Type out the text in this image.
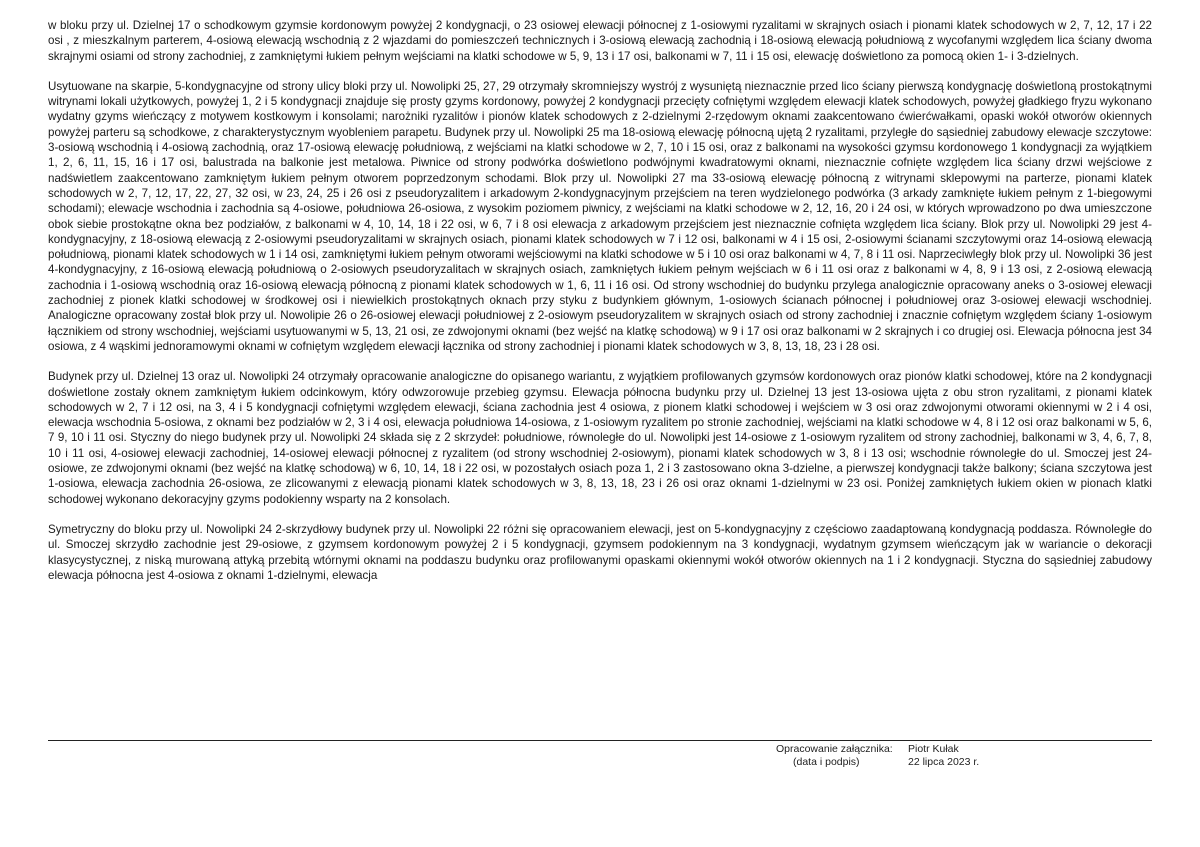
w bloku przy ul. Dzielnej 17 o schodkowym gzymsie kordonowym powyżej 2 kondygnacji, o 23 osiowej elewacji północnej z 1-osiowymi ryzalitami w skrajnych osiach i pionami klatek schodowych w 2, 7, 12, 17 i 22 osi , z mieszkalnym parterem, 4-osiową elewacją wschodnią z 2 wjazdami do pomieszczeń technicznych i 3-osiową elewacją zachodnią i 18-osiową elewacją południową z wycofanymi względem lica ściany dwoma skrajnymi osiami od strony zachodniej, z zamkniętymi łukiem pełnym wejściami na klatki schodowe w 5, 9, 13 i 17 osi, balkonami w 7, 11 i 15 osi, elewację doświetlono za pomocą okien 1- i 3-dzielnych.

Usytuowane na skarpie, 5-kondygnacyjne od strony ulicy bloki przy ul. Nowolipki 25, 27, 29 otrzymały skromniejszy wystrój z wysuniętą nieznacznie przed lico ściany pierwszą kondygnację doświetloną prostokątnymi witrynami lokali użytkowych, powyżej 1, 2 i 5 kondygnacji znajduje się prosty gzyms kordonowy, powyżej 2 kondygnacji przecięty cofniętymi względem elewacji klatek schodowych, powyżej gładkiego fryzu wykonano wydatny gzyms wieńczący z motywem kostkowym i konsolami; narożniki ryzalitów i pionów klatek schodowych z 2-dzielnymi 2-rzędowym oknami zaakcentowano ćwierćwałkami, opaski wokół otworów okiennych powyżej parteru są schodkowe, z charakterystycznym wyobleniem parapetu. Budynek przy ul. Nowolipki 25 ma 18-osiową elewację północną ujętą 2 ryzalitami, przyległe do sąsiedniej zabudowy elewacje szczytowe: 3-osiową wschodnią i 4-osiową zachodnią, oraz 17-osiową elewację południową, z wejściami na klatki schodowe w 2, 7, 10 i 15 osi, oraz z balkonami na wysokości gzymsu kordonowego 1 kondygnacji za wyjątkiem 1, 2, 6, 11, 15, 16 i 17 osi, balustrada na balkonie jest metalowa. Piwnice od strony podwórka doświetlono podwójnymi kwadratowymi oknami, nieznacznie cofnięte względem lica ściany drzwi wejściowe z nadświetlem zaakcentowano zamkniętym łukiem pełnym otworem poprzedzonym schodami. Blok przy ul. Nowolipki 27 ma 33-osiową elewację północną z witrynami sklepowymi na parterze, pionami klatek schodowych w 2, 7, 12, 17, 22, 27, 32 osi, w 23, 24, 25 i 26 osi z pseudoryzalitem i arkadowym 2-kondygnacyjnym przejściem na teren wydzielonego podwórka (3 arkady zamknięte łukiem pełnym z 1-biegowymi schodami); elewacje wschodnia i zachodnia są 4-osiowe, południowa 26-osiowa, z wysokim poziomem piwnicy, z wejściami na klatki schodowe w 2, 12, 16, 20 i 24 osi, w których wprowadzono po dwa umieszczone obok siebie prostokątne okna bez podziałów, z balkonami w 4, 10, 14, 18 i 22 osi, w 6, 7 i 8 osi elewacja z arkadowym przejściem jest nieznacznie cofnięta względem lica ściany. Blok przy ul. Nowolipki 29 jest 4-kondygnacyjny, z 18-osiową elewacją z 2-osiowymi pseudoryzalitami w skrajnych osiach, pionami klatek schodowych w 7 i 12 osi, balkonami w 4 i 15 osi, 2-osiowymi ścianami szczytowymi oraz 14-osiową elewacją południową, pionami klatek schodowych w 1 i 14 osi, zamkniętymi łukiem pełnym otworami wejściowymi na klatki schodowe w 5 i 10 osi oraz balkonami w 4, 7, 8 i 11 osi. Naprzeciwległy blok przy ul. Nowolipki 36 jest 4-kondygnacyjny, z 16-osiową elewacją południową o 2-osiowych pseudoryzalitach w skrajnych osiach, zamkniętych łukiem pełnym wejściach w 6 i 11 osi oraz z balkonami w 4, 8, 9 i 13 osi, z 2-osiową elewacją zachodnia i 1-osiową wschodnią oraz 16-osiową elewacją północną z pionami klatek schodowych w 1, 6, 11 i 16 osi. Od strony wschodniej do budynku przylega analogicznie opracowany aneks o 3-osiowej elewacji zachodniej z pionek klatki schodowej w środkowej osi i niewielkich prostokątnych oknach przy styku z budynkiem głównym, 1-osiowych ścianach północnej i południowej oraz 3-osiowej elewacji wschodniej. Analogiczne opracowany został blok przy ul. Nowolipie 26 o 26-osiowej elewacji południowej z 2-osiowym pseudoryzalitem w skrajnych osiach od strony zachodniej i znacznie cofniętym względem ściany 1-osiowym łącznikiem od strony wschodniej, wejściami usytuowanymi w 5, 13, 21 osi, ze zdwojonymi oknami (bez wejść na klatkę schodową) w 9 i 17 osi oraz balkonami w 2 skrajnych i co drugiej osi. Elewacja północna jest 34 osiowa, z 4 wąskimi jednoramowymi oknami w cofniętym względem elewacji łącznika od strony zachodniej i pionami klatek schodowych w 3, 8, 13, 18, 23 i 28 osi.

Budynek przy ul. Dzielnej 13 oraz ul. Nowolipki 24 otrzymały opracowanie analogiczne do opisanego wariantu, z wyjątkiem profilowanych gzymsów kordonowych oraz pionów klatki schodowej, które na 2 kondygnacji doświetlone zostały oknem zamkniętym łukiem odcinkowym, który odwzorowuje przebieg gzymsu. Elewacja północna budynku przy ul. Dzielnej 13 jest 13-osiowa ujęta z obu stron ryzalitami, z pionami klatek schodowych w 2, 7 i 12 osi, na 3, 4 i 5 kondygnacji cofniętymi względem elewacji, ściana zachodnia jest 4 osiowa, z pionem klatki schodowej i wejściem w 3 osi oraz zdwojonymi otworami okiennymi w 2 i 4 osi, elewacja wschodnia 5-osiowa, z oknami bez podziałów w 2, 3 i 4 osi, elewacja południowa 14-osiowa, z 1-osiowym ryzalitem po stronie zachodniej, wejściami na klatki schodowe w 4, 8 i 12 osi oraz balkonami w 5, 6, 7 9, 10 i 11 osi. Styczny do niego budynek przy ul. Nowolipki 24 składa się z 2 skrzydeł: południowe, równoległe do ul. Nowolipki jest 14-osiowe z 1-osiowym ryzalitem od strony zachodniej, balkonami w 3, 4, 6, 7, 8, 10 i 11 osi, 4-osiowej elewacji zachodniej, 14-osiowej elewacji północnej z ryzalitem (od strony wschodniej 2-osiowym), pionami klatek schodowych w 3, 8 i 13 osi; wschodnie równoległe do ul. Smoczej jest 24-osiowe, ze zdwojonymi oknami (bez wejść na klatkę schodową) w 6, 10, 14, 18 i 22 osi, w pozostałych osiach poza 1, 2 i 3 zastosowano okna 3-dzielne, a pierwszej kondygnacji także balkony; ściana szczytowa jest 1-osiowa, elewacja zachodnia 26-osiowa, ze zlicowanymi z elewacją pionami klatek schodowych w 3, 8, 13, 18, 23 i 26 osi oraz oknami 1-dzielnymi w 23 osi. Poniżej zamkniętych łukiem okien w pionach klatki schodowej wykonano dekoracyjny gzyms podokienny wsparty na 2 konsolach.

Symetryczny do bloku przy ul. Nowolipki 24 2-skrzydłowy budynek przy ul. Nowolipki 22 różni się opracowaniem elewacji, jest on 5-kondygnacyjny z częściowo zaadaptowaną kondygnacją poddasza. Równoległe do ul. Smoczej skrzydło zachodnie jest 29-osiowe, z gzymsem kordonowym powyżej 2 i 5 kondygnacji, gzymsem podokiennym na 3 kondygnacji, wydatnym gzymsem wieńczącym jak w wariancie o dekoracji klasycystycznej, z niską murowaną attyką przebitą wtórnymi oknami na poddaszu budynku oraz profilowanymi opaskami okiennymi wokół otworów okiennych na 1 i 2 kondygnacji. Styczna do sąsiedniej zabudowy elewacja północna jest 4-osiowa z oknami 1-dzielnymi, elewacja

Opracowanie załącznika:
(data i podpis)
Piotr Kułak
22 lipca 2023 r.
